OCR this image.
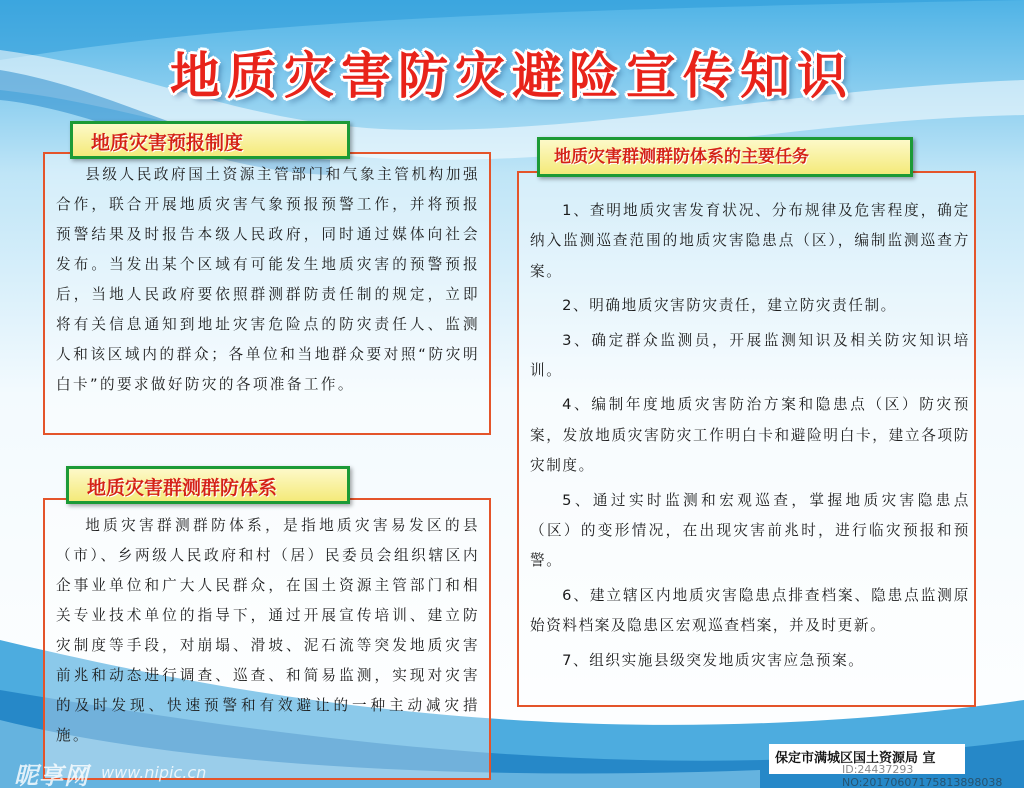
地质灾害防灾避险宣传知识
地质灾害预报制度

县级人民政府国土资源主管部门和气象主管机构加强合作，联合开展地质灾害气象预报预警工作，并将预报预警结果及时报告本级人民政府，同时通过媒体向社会发布。当发出某个区域有可能发生地质灾害的预警预报后，当地人民政府要依照群测群防责任制的规定，立即将有关信息通知到地址灾害危险点的防灾责任人、监测人和该区域内的群众；各单位和当地群众要对照“防灾明白卡”的要求做好防灾的各项准备工作。

地质灾害群测群防体系

地质灾害群测群防体系，是指地质灾害易发区的县（市）、乡两级人民政府和村（居）民委员会组织辖区内企事业单位和广大人民群众，在国土资源主管部门和相关专业技术单位的指导下，通过开展宣传培训、建立防灾制度等手段，对崩塌、滑坡、泥石流等突发地质灾害前兆和动态进行调查、巡查、和简易监测，实现对灾害的及时发现、快速预警和有效避让的一种主动减灾措施。

地质灾害群测群防体系的主要任务
1、查明地质灾害发育状况、分布规律及危害程度，确定纳入监测巡查范围的地质灾害隐患点（区），编制监测巡查方案。
2、明确地质灾害防灾责任，建立防灾责任制。
3、确定群众监测员，开展监测知识及相关防灾知识培训。
4、编制年度地质灾害防治方案和隐患点（区）防灾预案，发放地质灾害防灾工作明白卡和避险明白卡，建立各项防灾制度。
5、通过实时监测和宏观巡查，掌握地质灾害隐患点（区）的变形情况，在出现灾害前兆时，进行临灾预报和预警。
6、建立辖区内地质灾害隐患点排查档案、隐患点监测原始资料档案及隐患区宏观巡查档案，并及时更新。
7、组织实施县级突发地质灾害应急预案。
保定市满城区国土资源局 宣
昵享网 www.nipic.cn	ID:24437293 NO:20170607175813898038
